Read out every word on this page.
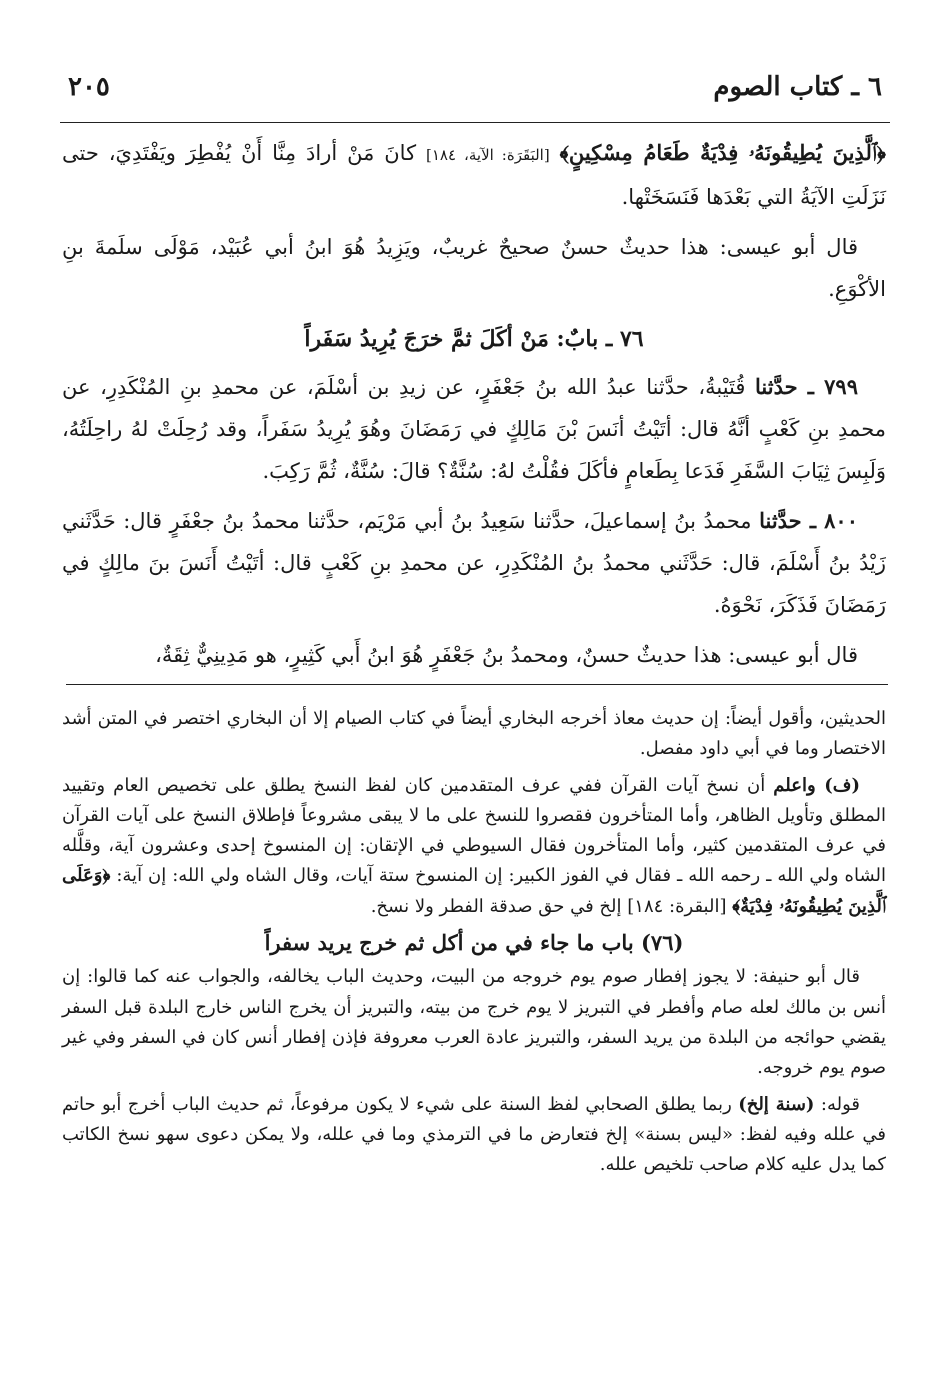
٢٠٥	٦ ـ كتاب الصوم

﴿ٱلَّذِينَ يُطِيقُونَهُۥ فِدْيَةٌ طَعَامُ مِسْكِينٍ﴾ [البَقَرَة: الآية، ١٨٤] كانَ مَنْ أرادَ مِنَّا أَنْ يُفْطِرَ ويَفْتَدِيَ، حتى نَزَلَتِ الآيَةُ التي بَعْدَها فَنَسَخَتْها.

قال أبو عيسى: هذا حديثٌ حسنٌ صحيحٌ غريبٌ، ويَزِيدُ هُوَ ابنُ أبي عُبَيْد، مَوْلَى سلَمةَ بنِ الأكْوَعِ.

٧٦ ـ بابٌ: مَنْ أكَلَ ثمَّ خرَجَ يُرِيدُ سَفَراً

٧٩٩ ـ حدَّثنا قُتَيْبةُ، حدَّثنا عبدُ الله بنُ جَعْفَرٍ، عن زيدِ بن أسْلَمَ، عن محمدِ بنِ المُنْكَدِرِ، عن محمدِ بنِ كَعْبٍ أنَّهُ قال: أتَيْتُ أنَسَ بْنَ مَالِكٍ في رَمَضَانَ وهُوَ يُرِيدُ سَفَراً، وقد رُحِلَتْ لهُ راحِلَتُهُ، وَلَبِسَ ثِيَابَ السَّفَرِ فَدَعا بِطَعامٍ فأكَلَ فقُلْتُ لهُ: سُنَّةٌ؟ قالَ: سُنَّةٌ، ثُمَّ رَكِبَ.

٨٠٠ ـ حدَّثنا محمدُ بنُ إسماعيلَ، حدَّثنا سَعِيدُ بنُ أبي مَرْيَم، حدَّثنا محمدُ بنُ جعْفَرٍ قال: حَدَّثَني زَيْدُ بنُ أَسْلَمَ، قال: حَدَّثَني محمدُ بنُ المُنْكَدِرِ، عن محمدِ بنِ كَعْبٍ قال: أتَيْتُ أَنَسَ بنَ مالِكٍ في رَمَضَانَ فَذَكَرَ، نَحْوَهُ.

قال أبو عيسى: هذا حديثٌ حسنٌ، ومحمدُ بنُ جَعْفَرٍ هُوَ ابنُ أَبي كَثِيرٍ، هو مَدِينِيٌّ ثِقَةٌ،

الحديثين، وأقول أيضاً: إن حديث معاذ أخرجه البخاري أيضاً في كتاب الصيام إلا أن البخاري اختصر في المتن أشد الاختصار وما في أبي داود مفصل.

(ف) واعلم أن نسخ آيات القرآن ففي عرف المتقدمين كان لفظ النسخ يطلق على تخصيص العام وتقييد المطلق وتأويل الظاهر، وأما المتأخرون فقصروا للنسخ على ما لا يبقى مشروعاً فإطلاق النسخ على آيات القرآن في عرف المتقدمين كثير، وأما المتأخرون فقال السيوطي في الإتقان: إن المنسوخ إحدى وعشرون آية، وقلَّله الشاه ولي الله ـ رحمه الله ـ فقال في الفوز الكبير: إن المنسوخ ستة آيات، وقال الشاه ولي الله: إن آية: ﴿وَعَلَى ٱلَّذِينَ يُطِيقُونَهُۥ فِدْيَةٌ﴾ [البقرة: ١٨٤] إلخ في حق صدقة الفطر ولا نسخ.

(٧٦) باب ما جاء في من أكل ثم خرج يريد سفراً

قال أبو حنيفة: لا يجوز إفطار صوم يوم خروجه من البيت، وحديث الباب يخالفه، والجواب عنه كما قالوا: إن أنس بن مالك لعله صام وأفطر في التبريز لا يوم خرج من بيته، والتبريز أن يخرج الناس خارج البلدة قبل السفر يقضي حوائجه من البلدة من يريد السفر، والتبريز عادة العرب معروفة فإذن إفطار أنس كان في السفر وفي غير صوم يوم خروجه.

قوله: (سنة إلخ) ربما يطلق الصحابي لفظ السنة على شيء لا يكون مرفوعاً، ثم حديث الباب أخرج أبو حاتم في علله وفيه لفظ: «ليس بسنة» إلخ فتعارض ما في الترمذي وما في علله، ولا يمكن دعوى سهو نسخ الكاتب كما يدل عليه كلام صاحب تلخيص علله.
